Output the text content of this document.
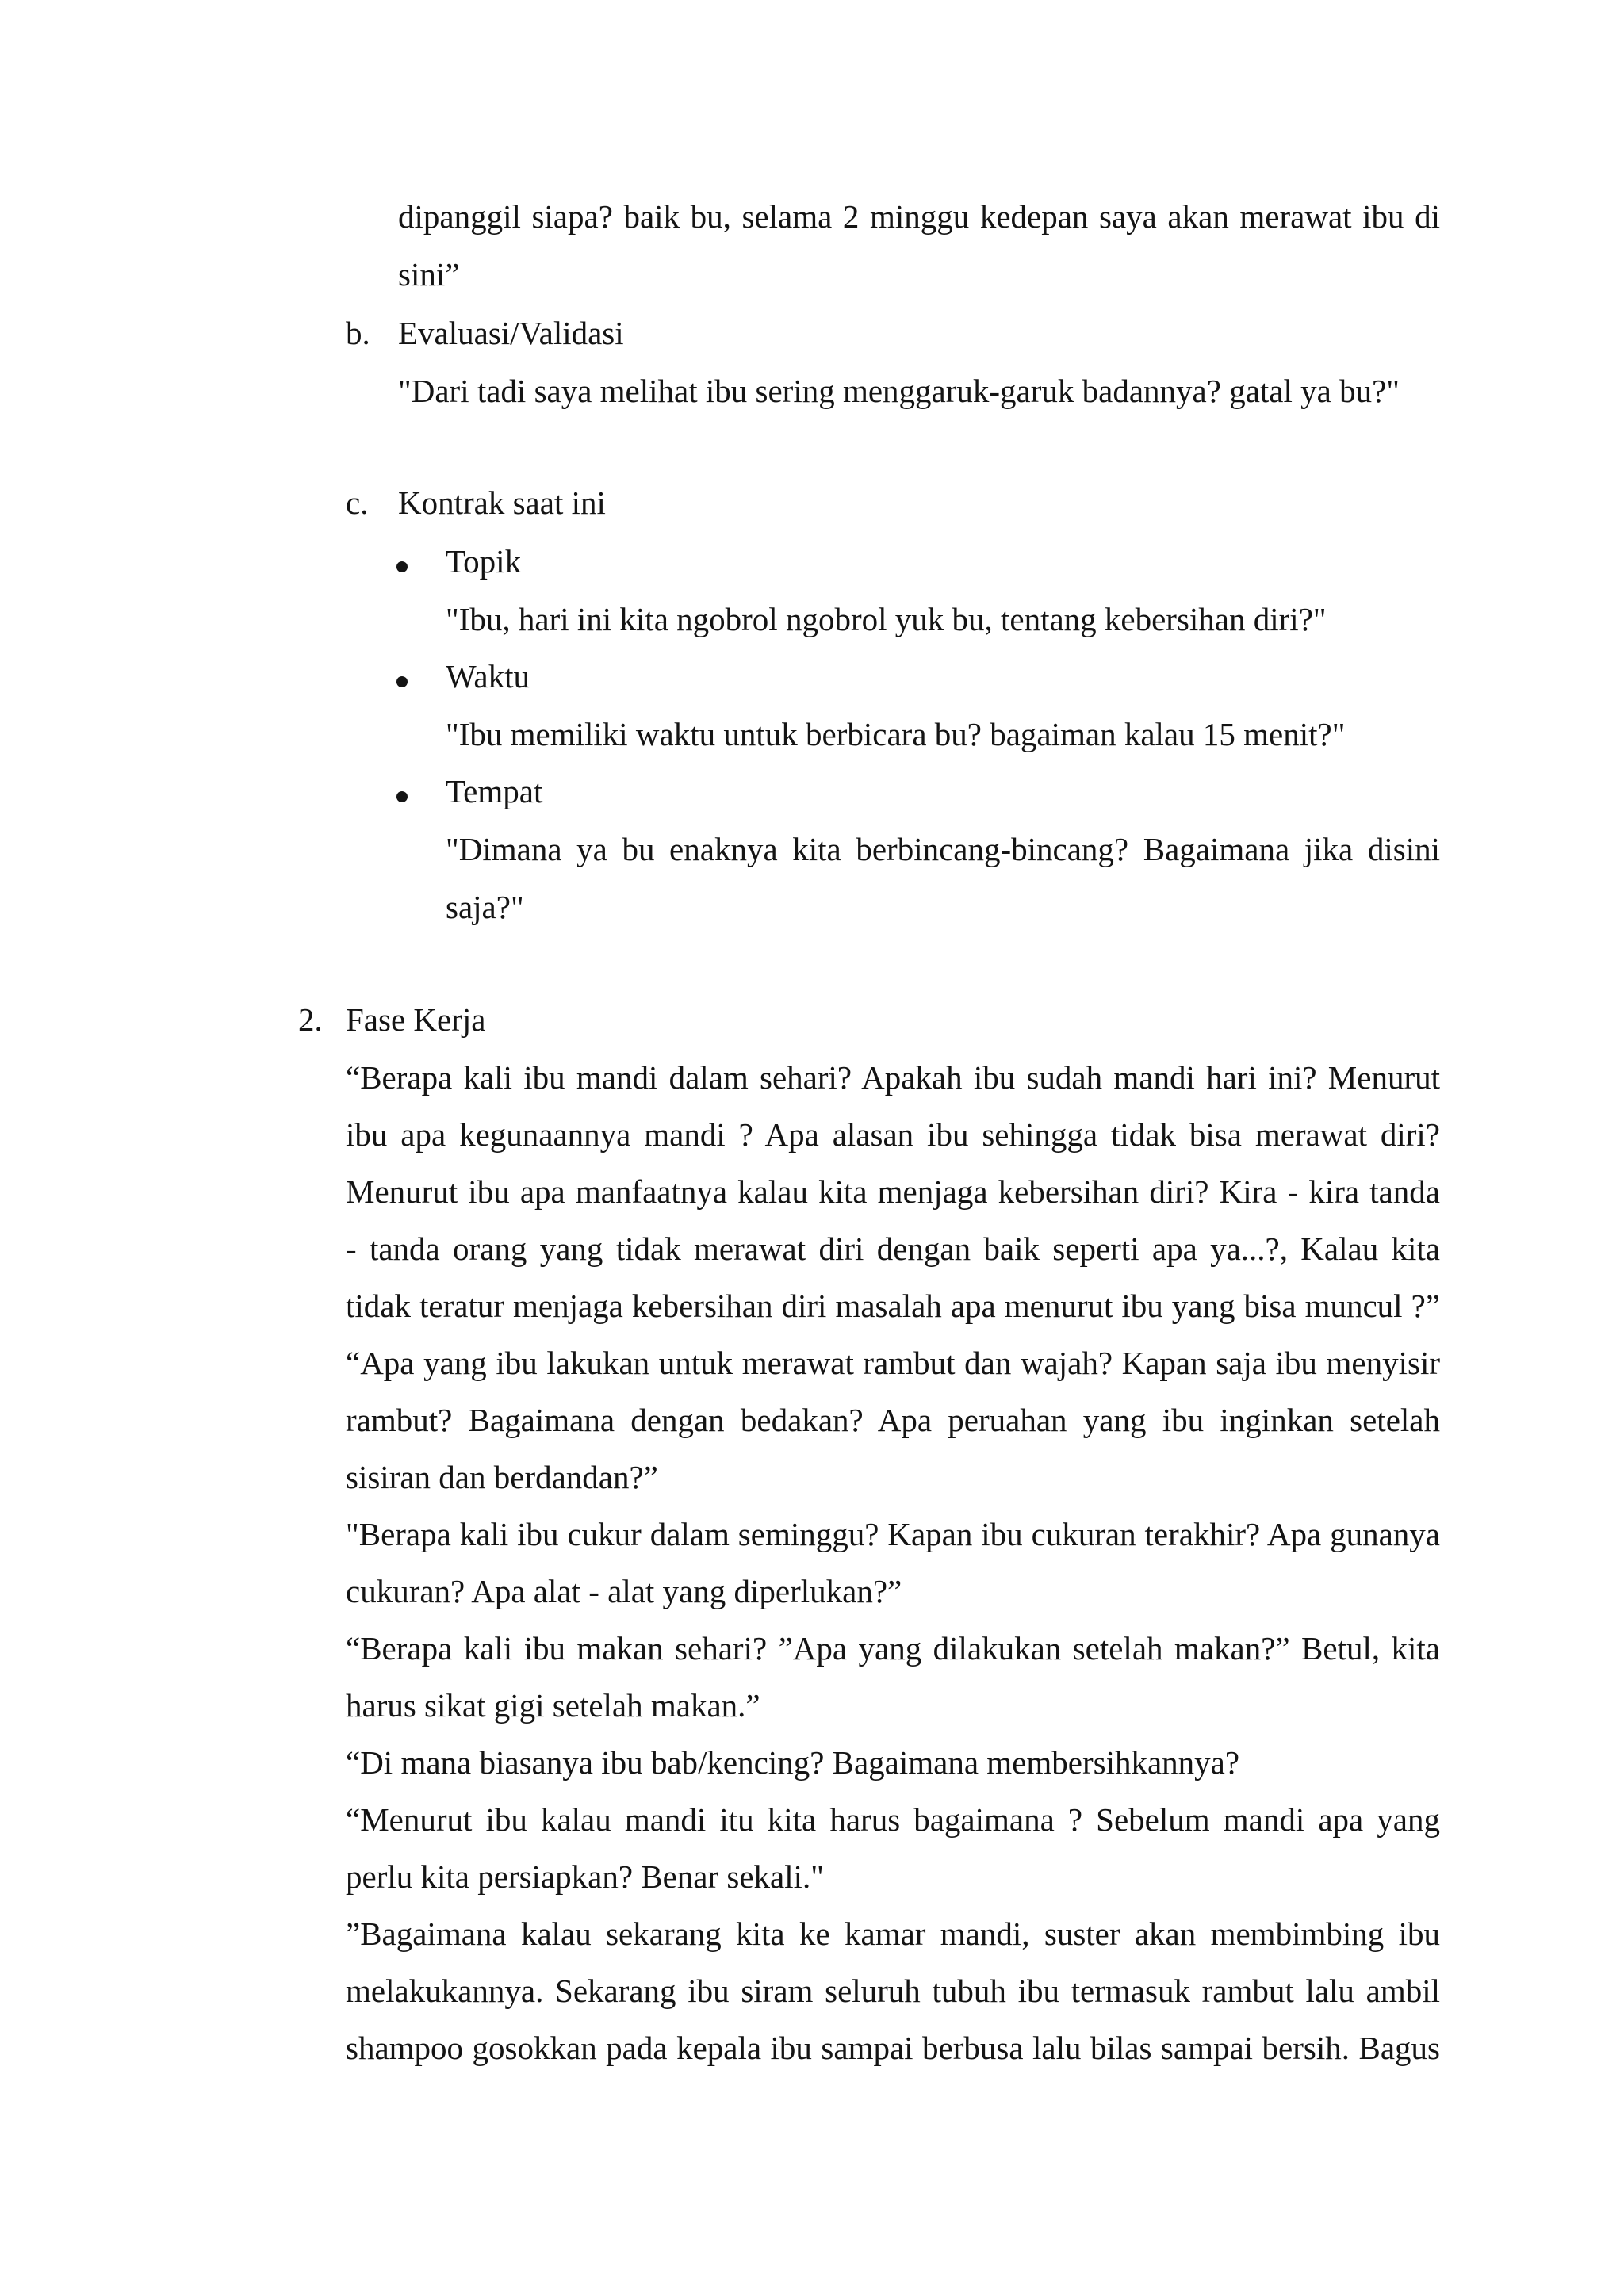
dipanggil siapa? baik bu, selama 2 minggu kedepan saya akan merawat ibu di
sini”
b. Evaluasi/Validasi
"Dari tadi saya melihat ibu sering menggaruk-garuk badannya? gatal ya bu?"
c. Kontrak saat ini
Topik
"Ibu, hari ini kita ngobrol ngobrol yuk bu, tentang kebersihan diri?"
Waktu
"Ibu memiliki waktu untuk berbicara bu? bagaiman kalau 15 menit?"
Tempat
"Dimana ya bu enaknya kita berbincang-bincang? Bagaimana jika disini
saja?"
2. Fase Kerja
“Berapa kali ibu mandi dalam sehari? Apakah ibu sudah mandi hari ini? Menurut
ibu apa kegunaannya mandi ? Apa alasan ibu sehingga tidak bisa merawat diri?
Menurut ibu apa manfaatnya kalau kita menjaga kebersihan diri? Kira - kira tanda
- tanda orang yang tidak merawat diri dengan baik seperti apa ya...?, Kalau kita
tidak teratur menjaga kebersihan diri masalah apa menurut ibu yang bisa muncul ?”
“Apa yang ibu lakukan untuk merawat rambut dan wajah? Kapan saja ibu menyisir
rambut? Bagaimana dengan bedakan? Apa peruahan yang ibu inginkan setelah
sisiran dan berdandan?”
"Berapa kali ibu cukur dalam seminggu? Kapan ibu cukuran terakhir? Apa gunanya
cukuran? Apa alat - alat yang diperlukan?”
“Berapa kali ibu makan sehari? ”Apa yang dilakukan setelah makan?” Betul, kita
harus sikat gigi setelah makan.”
“Di mana biasanya ibu bab/kencing? Bagaimana membersihkannya?
“Menurut ibu kalau mandi itu kita harus bagaimana ? Sebelum mandi apa yang
perlu kita persiapkan? Benar sekali."
”Bagaimana kalau sekarang kita ke kamar mandi, suster akan membimbing ibu
melakukannya. Sekarang ibu siram seluruh tubuh ibu termasuk rambut lalu ambil
shampoo gosokkan pada kepala ibu sampai berbusa lalu bilas sampai bersih. Bagus
